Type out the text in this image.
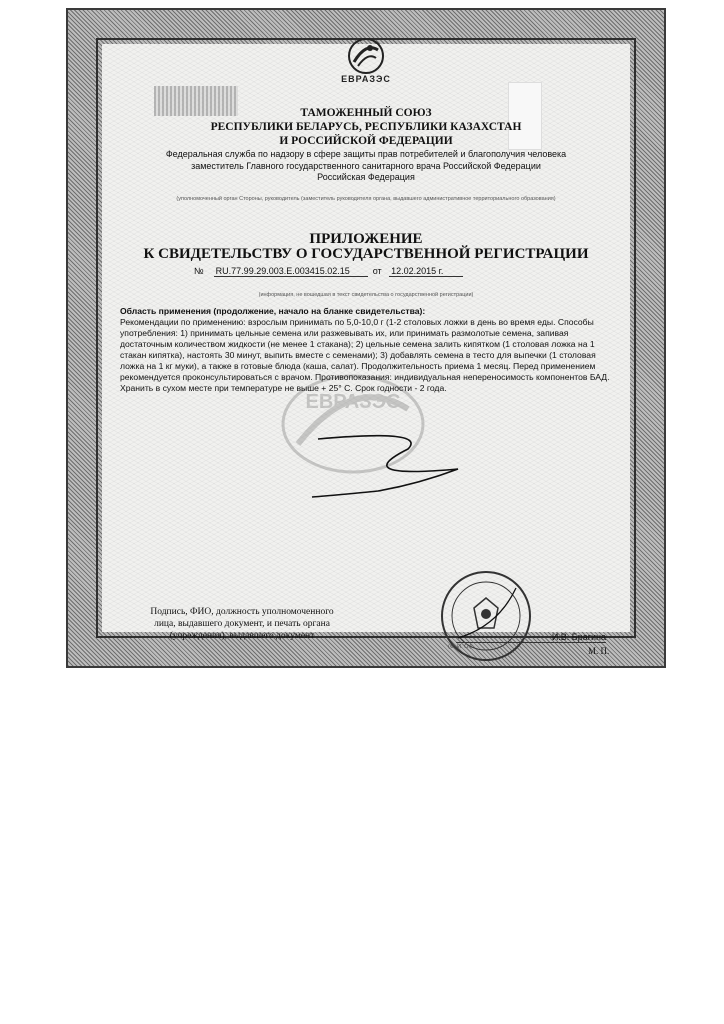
ЕВРАЗЭС
ТАМОЖЕННЫЙ СОЮЗ
РЕСПУБЛИКИ БЕЛАРУСЬ, РЕСПУБЛИКИ КАЗАХСТАН
И РОССИЙСКОЙ ФЕДЕРАЦИИ
Федеральная служба по надзору в сфере защиты прав потребителей и благополучия человека
заместитель Главного государственного санитарного врача Российской Федерации
Российская Федерация
(уполномоченный орган Стороны, руководитель (заместитель руководителя органа, выдавшего административное территориального образования)
ПРИЛОЖЕНИЕ
К СВИДЕТЕЛЬСТВУ О ГОСУДАРСТВЕННОЙ РЕГИСТРАЦИИ
№ RU.77.99.29.003.Е.003415.02.15	от 12.02.2015 г.
(информация, не вошедшая в текст свидетельства о государственной регистрации)
ЕВРАЗЭС
Область применения (продолжение, начало на бланке свидетельства):
Рекомендации по применению: взрослым принимать по 5,0-10,0 г (1-2 столовых ложки в день во время еды. Способы употребления: 1) принимать цельные семена или разжевывать их, или принимать размолотые семена, запивая достаточным количеством жидкости (не менее 1 стакана); 2) цельные семена залить кипятком (1 столовая ложка на 1 стакан кипятка), настоять 30 минут, выпить вместе с семенами); 3) добавлять семена в тесто для выпечки (1 столовая ложка на 1 кг муки), а также в готовые блюда (каша, салат). Продолжительность приема 1 месяц. Перед применением рекомендуется проконсультироваться с врачом. Противопоказания: индивидуальная непереносимость компонентов БАД. Хранить в сухом месте при температуре не выше + 25° С. Срок годности - 2 года.
Подпись, ФИО, должность уполномоченного лица, выдавшего документ, и печать органа (учреждения), выдавшего документ	И.В. Брагина
(Ф. И. О.)	М. П.
